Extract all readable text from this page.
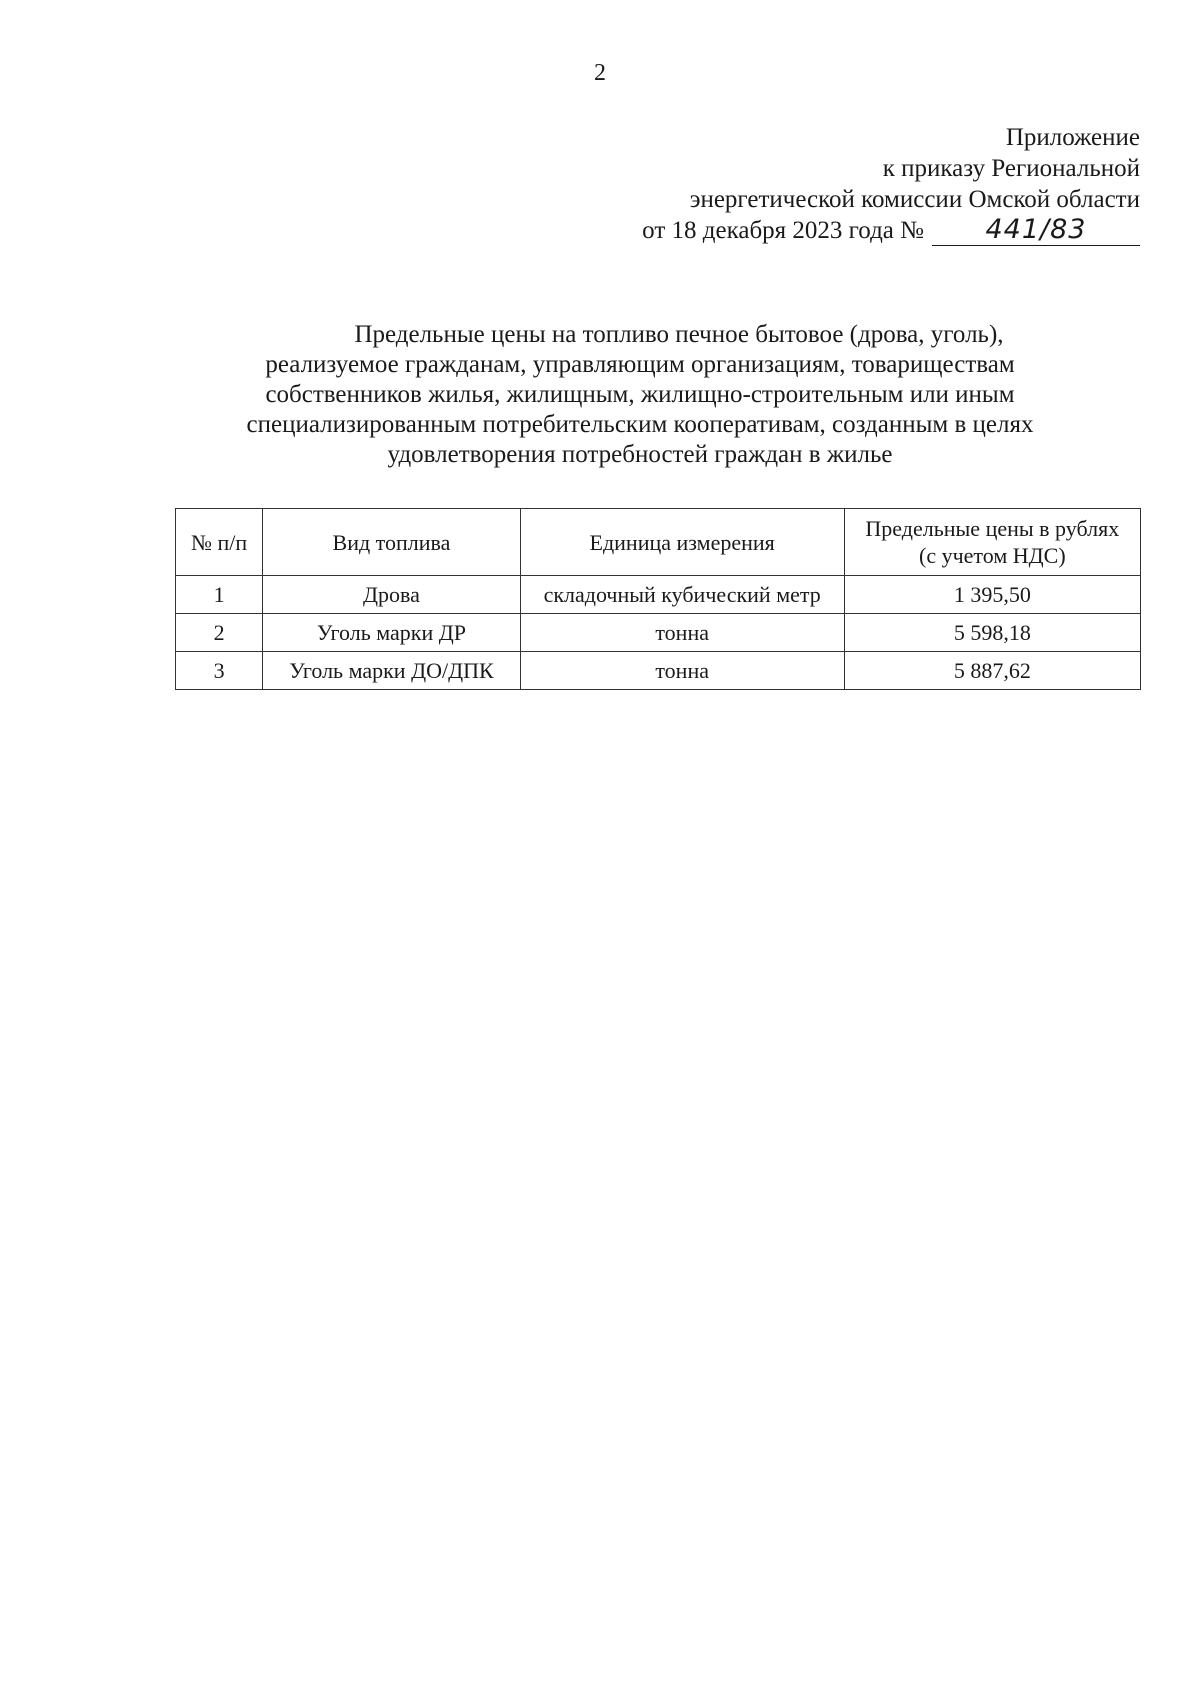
2
Приложение
к приказу Региональной
энергетической комиссии Омской области
от 18 декабря 2023 года №	441/83
Предельные цены на топливо печное бытовое (дрова, уголь),
реализуемое гражданам, управляющим организациям, товариществам
собственников жилья, жилищным, жилищно-строительным или иным
специализированным потребительским кооперативам, созданным в целях
удовлетворения потребностей граждан в жилье
№ п/п	Вид топлива	Единица измерения	Предельные цены в рублях
(с учетом НДС)
1	Дрова	складочный кубический метр	1 395,50
2	Уголь марки ДР	тонна	5 598,18
3	Уголь марки ДО/ДПК	тонна	5 887,62
